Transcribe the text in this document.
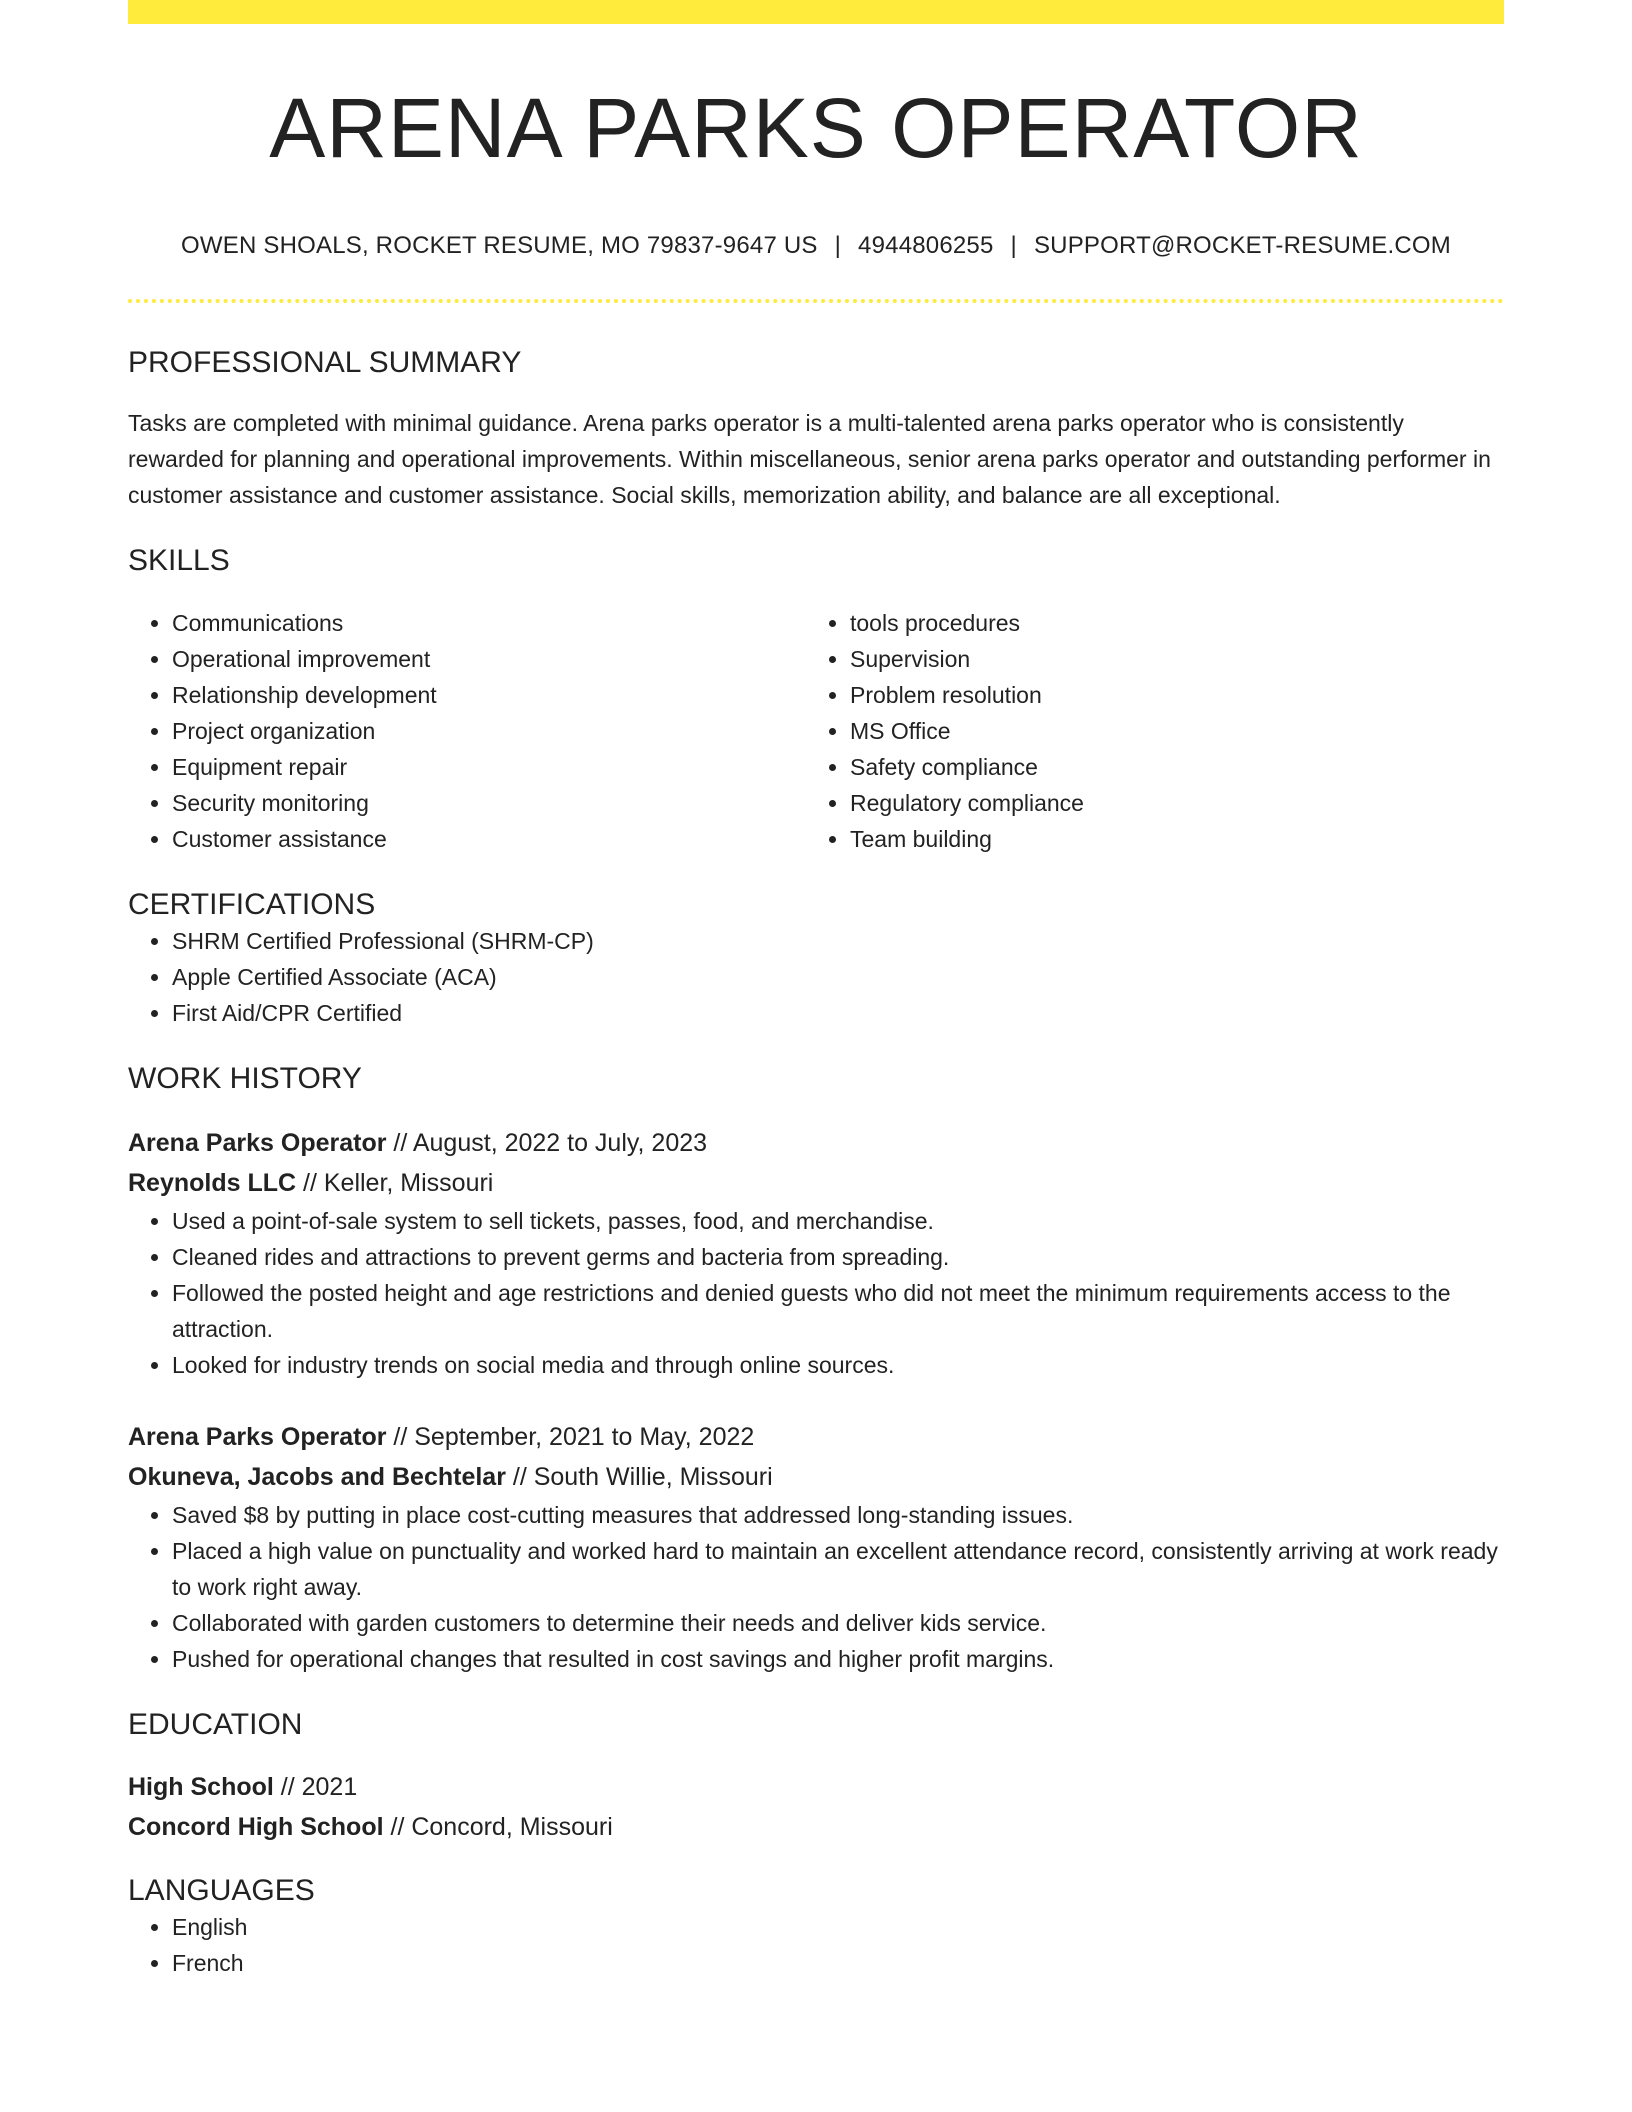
ARENA PARKS OPERATOR
OWEN SHOALS, ROCKET RESUME, MO 79837-9647 US | 4944806255 | SUPPORT@ROCKET-RESUME.COM
PROFESSIONAL SUMMARY
Tasks are completed with minimal guidance. Arena parks operator is a multi-talented arena parks operator who is consistently rewarded for planning and operational improvements. Within miscellaneous, senior arena parks operator and outstanding performer in customer assistance and customer assistance. Social skills, memorization ability, and balance are all exceptional.
SKILLS
• Communications
• Operational improvement
• Relationship development
• Project organization
• Equipment repair
• Security monitoring
• Customer assistance
• tools procedures
• Supervision
• Problem resolution
• MS Office
• Safety compliance
• Regulatory compliance
• Team building
CERTIFICATIONS
• SHRM Certified Professional (SHRM-CP)
• Apple Certified Associate (ACA)
• First Aid/CPR Certified
WORK HISTORY
Arena Parks Operator // August, 2022 to July, 2023
Reynolds LLC // Keller, Missouri
• Used a point-of-sale system to sell tickets, passes, food, and merchandise.
• Cleaned rides and attractions to prevent germs and bacteria from spreading.
• Followed the posted height and age restrictions and denied guests who did not meet the minimum requirements access to the attraction.
• Looked for industry trends on social media and through online sources.
Arena Parks Operator // September, 2021 to May, 2022
Okuneva, Jacobs and Bechtelar // South Willie, Missouri
• Saved $8 by putting in place cost-cutting measures that addressed long-standing issues.
• Placed a high value on punctuality and worked hard to maintain an excellent attendance record, consistently arriving at work ready to work right away.
• Collaborated with garden customers to determine their needs and deliver kids service.
• Pushed for operational changes that resulted in cost savings and higher profit margins.
EDUCATION
High School // 2021
Concord High School // Concord, Missouri
LANGUAGES
• English
• French
